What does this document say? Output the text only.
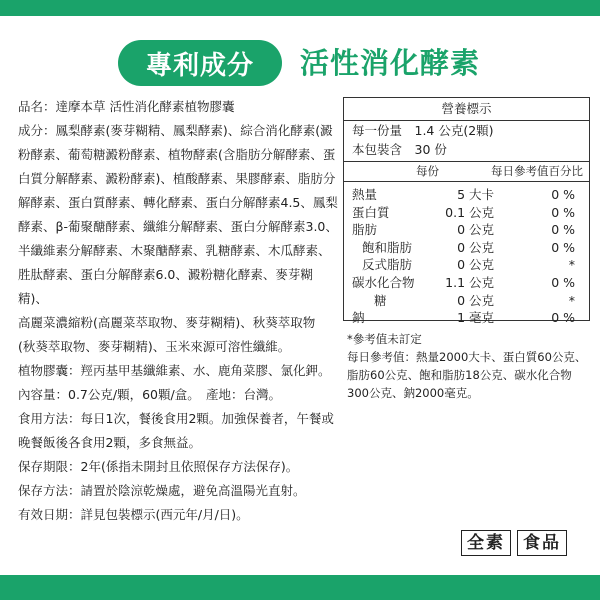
專利成分 活性消化酵素

品名：達摩本草 活性消化酵素植物膠囊

成分：鳳梨酵素(麥芽糊精、鳳梨酵素)、綜合消化酵素(澱

粉酵素、葡萄糖澱粉酵素、植物酵素(含脂肪分解酵素、蛋

白質分解酵素、澱粉酵素)、植酸酵素、果膠酵素、脂肪分

解酵素、蛋白質酵素、轉化酵素、蛋白分解酵素4.5、鳳梨

酵素、β-葡聚醣酵素、纖維分解酵素、蛋白分解酵素3.0、

半纖維素分解酵素、木聚醣酵素、乳糖酵素、木瓜酵素、

胜肽酵素、蛋白分解酵素6.0、澱粉糖化酵素、麥芽糊精)、

高麗菜濃縮粉(高麗菜萃取物、麥芽糊精)、秋葵萃取物

(秋葵萃取物、麥芽糊精)、玉米來源可溶性纖維。

植物膠囊：羥丙基甲基纖維素、水、鹿角菜膠、氯化鉀。

內容量：0.7公克/顆，60顆/盒。　產地：台灣。

食用方法：每日1次，餐後食用2顆。加強保養者，午餐或

晚餐飯後各食用2顆，多食無益。

保存期限：2年(係指未開封且依照保存方法保存)。

保存方法：請置於陰涼乾燥處，避免高溫陽光直射。

有效日期：詳見包裝標示(西元年/月/日)。

營養標示
每一份量　1.4 公克(2顆)
本包裝含　30 份
每份	每日參考值百分比
熱量	5 大卡	0 %
蛋白質	0.1 公克	0 %
脂肪	0 公克	0 %
飽和脂肪	0 公克	0 %
反式脂肪	0 公克	*
碳水化合物	1.1 公克	0 %
糖	0 公克	*
鈉	1 毫克	0 %

*參考值未訂定

每日參考值：熱量2000大卡、蛋白質60公克、脂肪60公克、飽和脂肪18公克、碳水化合物300公克、鈉2000毫克。

全素	食品
